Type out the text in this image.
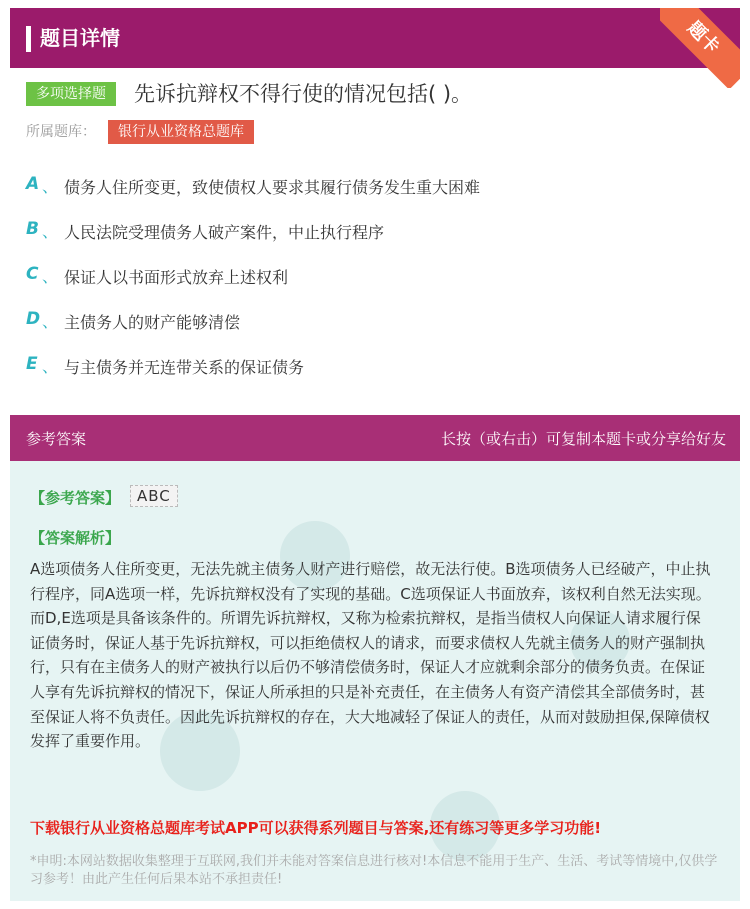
题目详情	题卡
多项选择题	先诉抗辩权不得行使的情况包括( )。
所属题库：	银行从业资格总题库
A 、 债务人住所变更，致使债权人要求其履行债务发生重大困难
B 、 人民法院受理债务人破产案件，中止执行程序
C 、 保证人以书面形式放弃上述权利
D 、 主债务人的财产能够清偿
E 、 与主债务并无连带关系的保证债务
参考答案	长按（或右击）可复制本题卡或分享给好友
【参考答案】	ABC
【答案解析】
A选项债务人住所变更，无法先就主债务人财产进行赔偿，故无法行使。B选项债务人已经破产，中止执行程序，同A选项一样，先诉抗辩权没有了实现的基础。C选项保证人书面放弃，该权利自然无法实现。而D,E选项是具备该条件的。所谓先诉抗辩权，又称为检索抗辩权，是指当债权人向保证人请求履行保证债务时，保证人基于先诉抗辩权，可以拒绝债权人的请求，而要求债权人先就主债务人的财产强制执行，只有在主债务人的财产被执行以后仍不够清偿债务时，保证人才应就剩余部分的债务负责。在保证人享有先诉抗辩权的情况下，保证人所承担的只是补充责任，在主债务人有资产清偿其全部债务时，甚至保证人将不负责任。因此先诉抗辩权的存在，大大地减轻了保证人的责任，从而对鼓励担保,保障债权发挥了重要作用。
下载银行从业资格总题库考试APP可以获得系列题目与答案,还有练习等更多学习功能!
*申明:本网站数据收集整理于互联网,我们并未能对答案信息进行核对!本信息不能用于生产、生活、考试等情境中,仅供学习参考！由此产生任何后果本站不承担责任!
